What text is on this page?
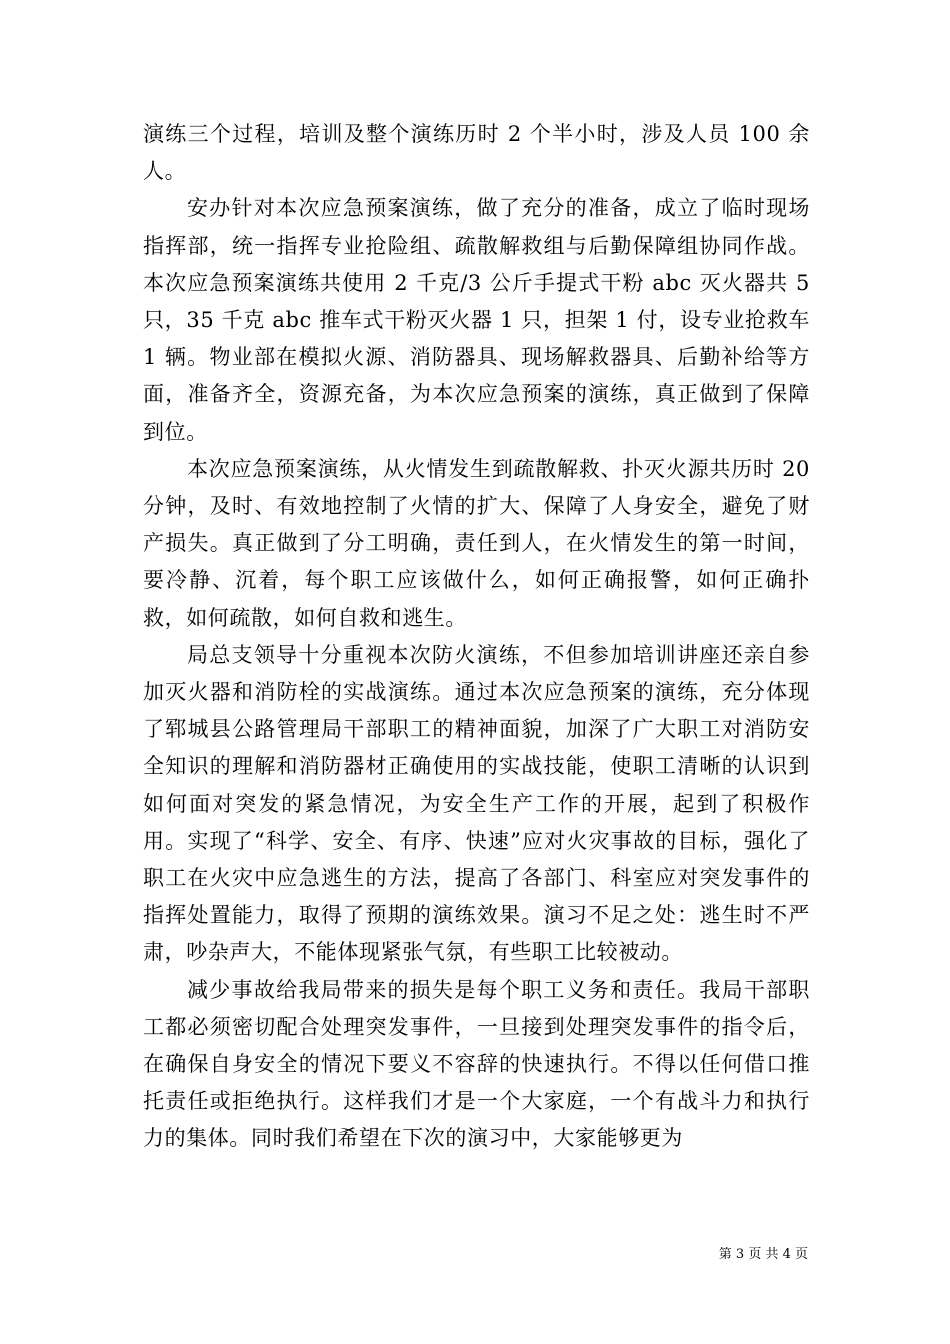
演练三个过程，培训及整个演练历时 2 个半小时，涉及人员 100 余人。

安办针对本次应急预案演练，做了充分的准备，成立了临时现场指挥部，统一指挥专业抢险组、疏散解救组与后勤保障组协同作战。本次应急预案演练共使用 2 千克/3 公斤手提式干粉 abc 灭火器共 5 只，35 千克 abc 推车式干粉灭火器 1 只，担架 1 付，设专业抢救车 1 辆。物业部在模拟火源、消防器具、现场解救器具、后勤补给等方面，准备齐全，资源充备，为本次应急预案的演练，真正做到了保障到位。

本次应急预案演练，从火情发生到疏散解救、扑灭火源共历时 20 分钟，及时、有效地控制了火情的扩大、保障了人身安全，避免了财产损失。真正做到了分工明确，责任到人，在火情发生的第一时间，要冷静、沉着，每个职工应该做什么，如何正确报警，如何正确扑救，如何疏散，如何自救和逃生。

局总支领导十分重视本次防火演练，不但参加培训讲座还亲自参加灭火器和消防栓的实战演练。通过本次应急预案的演练，充分体现了郓城县公路管理局干部职工的精神面貌，加深了广大职工对消防安全知识的理解和消防器材正确使用的实战技能，使职工清晰的认识到如何面对突发的紧急情况，为安全生产工作的开展，起到了积极作用。实现了“科学、安全、有序、快速”应对火灾事故的目标，强化了职工在火灾中应急逃生的方法，提高了各部门、科室应对突发事件的指挥处置能力，取得了预期的演练效果。演习不足之处：逃生时不严肃，吵杂声大，不能体现紧张气氛，有些职工比较被动。

减少事故给我局带来的损失是每个职工义务和责任。我局干部职工都必须密切配合处理突发事件，一旦接到处理突发事件的指令后，在确保自身安全的情况下要义不容辞的快速执行。不得以任何借口推托责任或拒绝执行。这样我们才是一个大家庭，一个有战斗力和执行力的集体。同时我们希望在下次的演习中，大家能够更为

第 3 页 共 4 页
